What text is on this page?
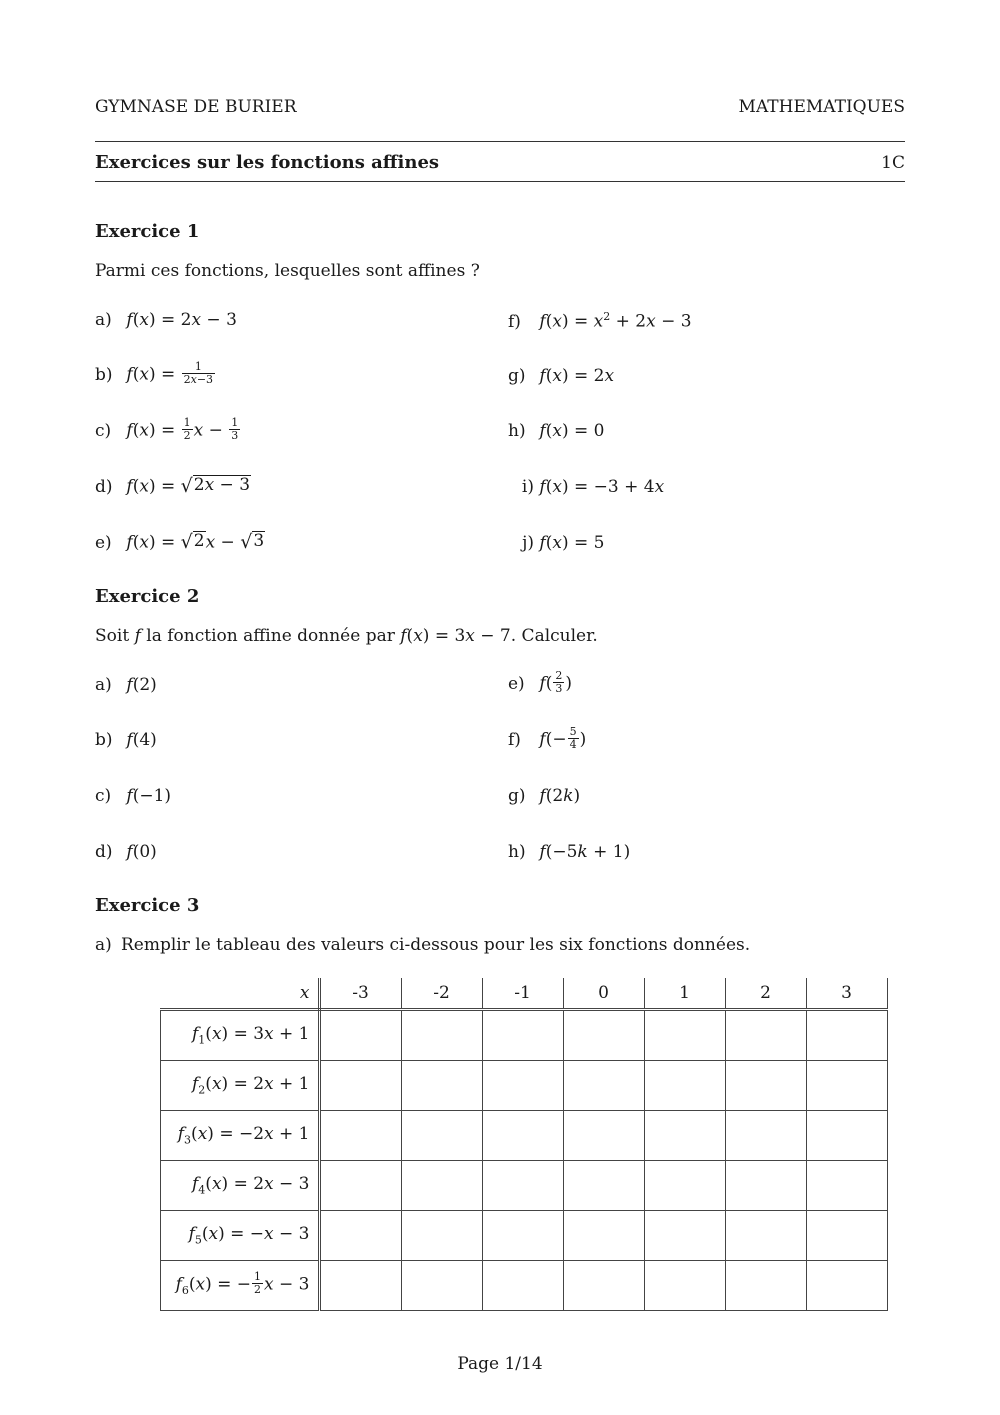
GYMNASE DE BURIER	MATHEMATIQUES
Exercices sur les fonctions affines	1C
Exercice 1
Parmi ces fonctions, lesquelles sont affines ?
a) f(x) = 2x − 3
b) $f(x) = \frac{1}{2x-3}$
c) $f(x) = \frac{1}{2}$ $x - \frac{1}{3}$
d) f(x) = √ 2x − 3
e) f(x) = √ 2 x − √ 3
f) $f(x) = x^2 + 2x - 3$
g) f(x) = 2x
h) f(x) = 0
i) f(x) = −3 + 4x
j) f(x) = 5
Exercice 2
Soit f la fonction affine donnée par f(x) = 3x − 7. Calculer.
a) f(2)
b) f(4)
c) f(−1)
d) f(0)
e) $f( \frac{2}{3}$ )
f) $f(- \frac{5}{4}$ )
g) f(2k)
h) f(−5k + 1)
Exercice 3
a) Remplir le tableau des valeurs ci-dessous pour les six fonctions données.
x	-3	-2	-1	0	1	2	3
$f_1(x) = 3x + 1$							
$f_2(x) = 2x + 1$							
$f_3(x) = -2x + 1$							
$f_4(x) = 2x - 3$							
$f_5(x) = -x - 3$							
$f_6(x)$ = − $\frac{1}{2}$ x − 3							
Page 1/14
